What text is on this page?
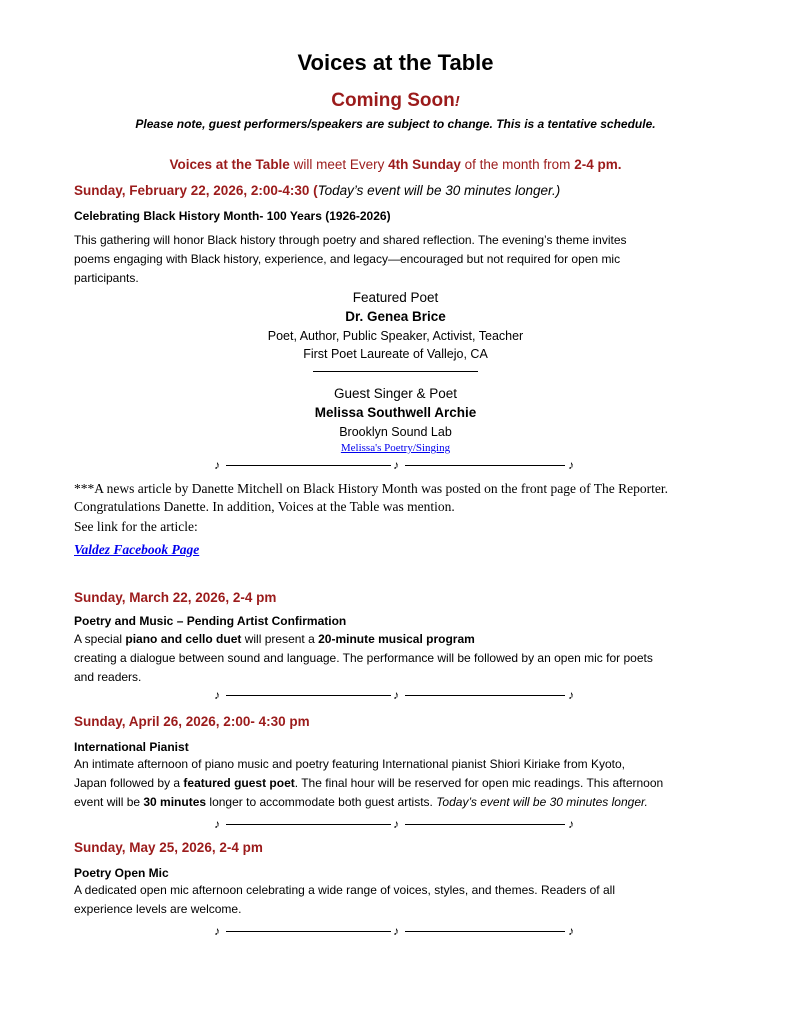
Voices at the Table
Coming Soon!
Please note, guest performers/speakers are subject to change. This is a tentative schedule.
Voices at the Table will meet Every 4th Sunday of the month from 2-4 pm.
Sunday, February 22, 2026, 2:00-4:30 (Today’s event will be 30 minutes longer.)
Celebrating Black History Month- 100 Years (1926-2026)
This gathering will honor Black history through poetry and shared reflection. The evening’s theme invites
poems engaging with Black history, experience, and legacy—encouraged but not required for open mic
participants.
Featured Poet
Dr. Genea Brice
Poet, Author, Public Speaker, Activist, Teacher
First Poet Laureate of Vallejo, CA
Guest Singer & Poet
Melissa Southwell Archie
Brooklyn Sound Lab
Melissa's Poetry/Singing
♪	♪	♪
***A news article by Danette Mitchell on Black History Month was posted on the front page of The Reporter.
Congratulations Danette. In addition, Voices at the Table was mention.
See link for the article:
Valdez Facebook Page
Sunday, March 22, 2026, 2-4 pm
Poetry and Music – Pending Artist Confirmation
A special piano and cello duet will present a 20-minute musical program
creating a dialogue between sound and language. The performance will be followed by an open mic for poets
and readers.
♪	♪	♪
Sunday, April 26, 2026, 2:00- 4:30 pm
International Pianist
An intimate afternoon of piano music and poetry featuring International pianist Shiori Kiriake from Kyoto,
Japan followed by a featured guest poet. The final hour will be reserved for open mic readings. This afternoon
event will be 30 minutes longer to accommodate both guest artists. Today’s event will be 30 minutes longer.
♪	♪	♪
Sunday, May 25, 2026, 2-4 pm
Poetry Open Mic
A dedicated open mic afternoon celebrating a wide range of voices, styles, and themes. Readers of all
experience levels are welcome.
♪	♪	♪
